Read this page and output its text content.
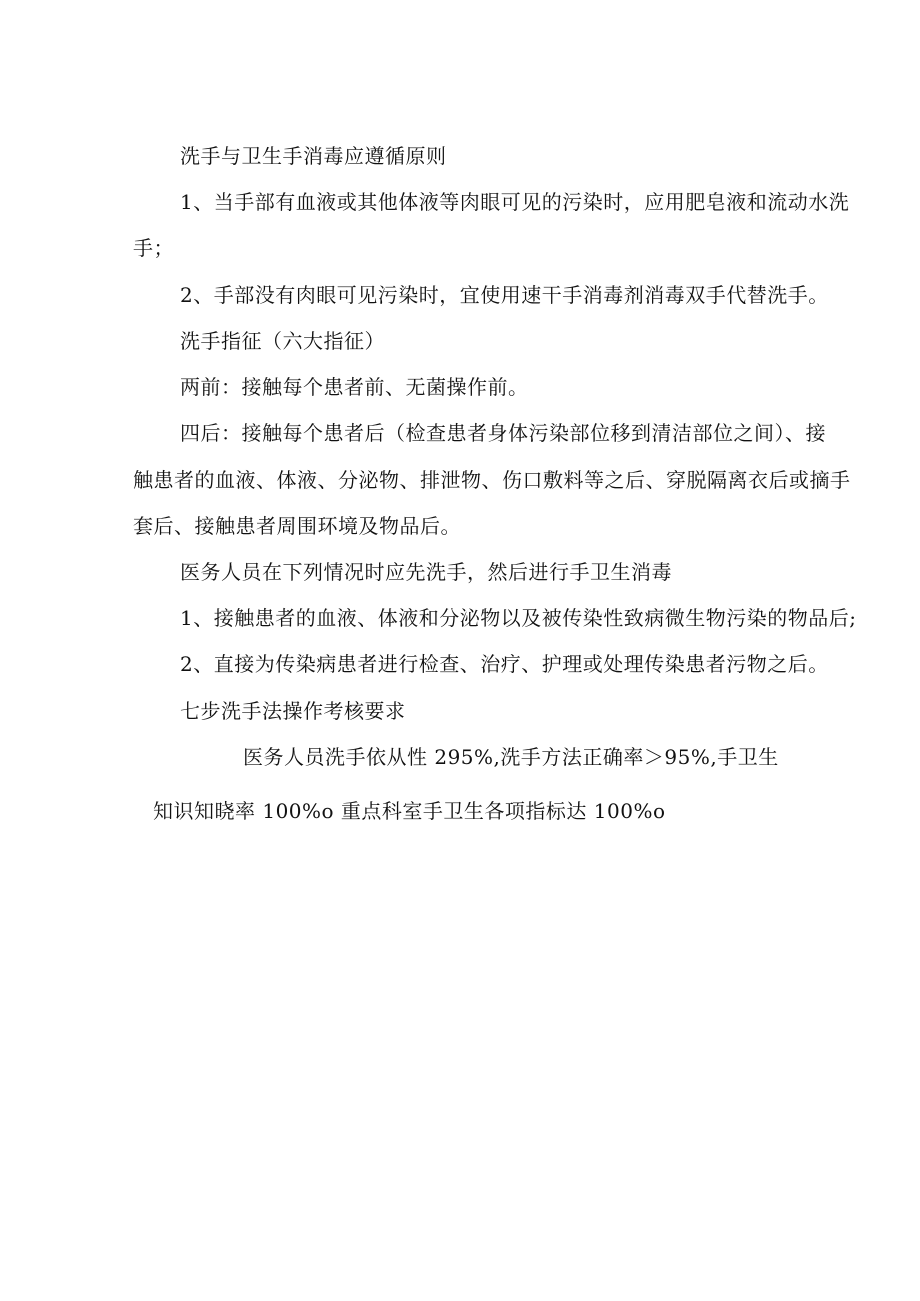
洗手与卫生手消毒应遵循原则
1、当手部有血液或其他体液等肉眼可见的污染时，应用肥皂液和流动水洗
手；
2、手部没有肉眼可见污染时，宜使用速干手消毒剂消毒双手代替洗手。
洗手指征（六大指征）
两前：接触每个患者前、无菌操作前。
四后：接触每个患者后（检查患者身体污染部位移到清洁部位之间）、接
触患者的血液、体液、分泌物、排泄物、伤口敷料等之后、穿脱隔离衣后或摘手
套后、接触患者周围环境及物品后。
医务人员在下列情况时应先洗手，然后进行手卫生消毒
1、接触患者的血液、体液和分泌物以及被传染性致病微生物污染的物品后;
2、直接为传染病患者进行检查、治疗、护理或处理传染患者污物之后。
七步洗手法操作考核要求
医务人员洗手依从性 295%,洗手方法正确率＞95%,手卫生
知识知晓率 100%o 重点科室手卫生各项指标达 100%o
